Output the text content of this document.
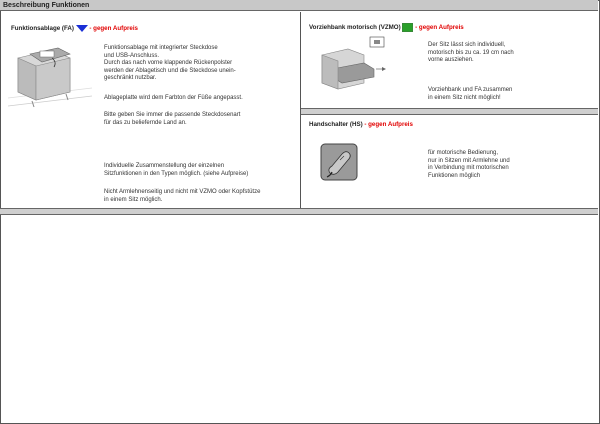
Beschreibung Funktionen
Funktionsablage (FA) - gegen Aufpreis

Funktionsablage mit integrierter Steckdose

und USB-Anschluss.

Durch das nach vorne klappende Rückenpolster

werden der Ablagetisch und die Steckdose unein-

geschränkt nutzbar.

Ablageplatte wird dem Farbton der Füße angepasst.

Bitte geben Sie immer die passende Steckdosenart

für das zu beliefernde Land an.

Individuelle Zusammenstellung der einzelnen

Sitzfunktionen in den Typen möglich. (siehe Aufpreise)

Nicht Armlehnenseitig und nicht mit VZMO oder Kopfstütze

in einem Sitz möglich.

Vorziehbank motorisch (VZMO) - gegen Aufpreis

Der Sitz lässt sich individuell,

motorisch bis zu ca. 19 cm nach

vorne ausziehen.

Vorziehbank und FA zusammen

in einem Sitz nicht möglich!

Handschalter (HS) - gegen Aufpreis

für motorische Bedienung,

nur in Sitzen mit Armlehne und

in Verbindung mit motorischen

Funktionen möglich
